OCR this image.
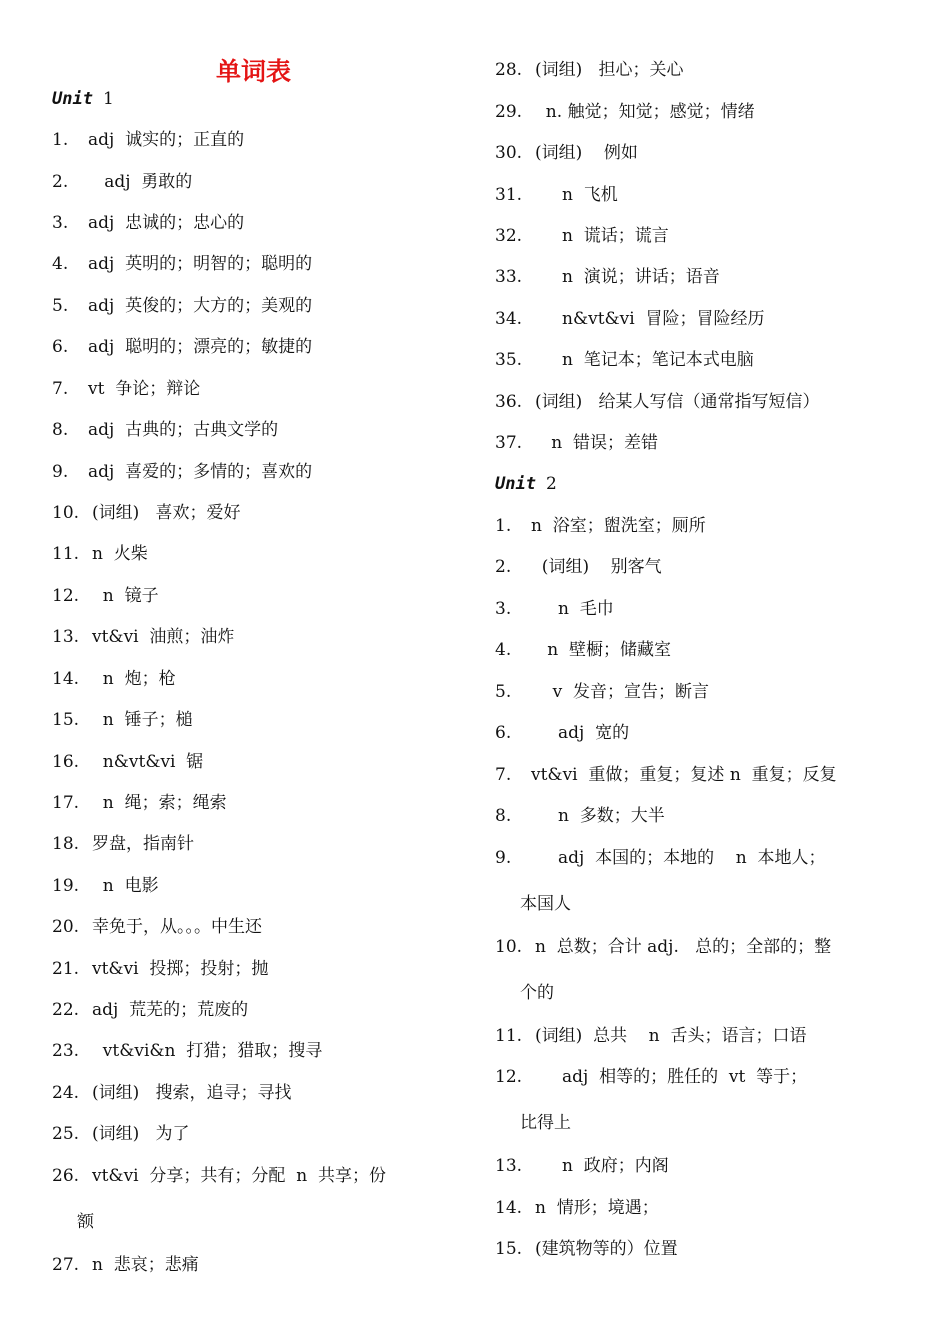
单词表
Unit 1
1. adj  诚实的；正直的
2.   adj  勇敢的
3. adj  忠诚的；忠心的
4. adj  英明的；明智的；聪明的
5. adj  英俊的；大方的；美观的
6. adj  聪明的；漂亮的；敏捷的
7. vt  争论；辩论
8. adj  古典的；古典文学的
9. adj  喜爱的；多情的；喜欢的
10. (词组)   喜欢；爱好
11. n  火柴
12.  n  镜子
13. vt&vi  油煎；油炸
14.  n  炮；枪
15.  n  锤子；槌
16.  n&vt&vi  锯
17.  n  绳；索；绳索
18. 罗盘，指南针
19.  n  电影
20. 幸免于，从。。。中生还
21. vt&vi  投掷；投射；抛
22. adj  荒芜的；荒废的
23.  vt&vi&n  打猎；猎取；搜寻
24. (词组)   搜索，追寻；寻找
25. (词组)   为了
26. vt&vi  分享；共有；分配  n  共享；份
额
27. n  悲哀；悲痛
28. (词组)   担心；关心
29.  n. 触觉；知觉；感觉；情绪
30. (词组)    例如
31.     n  飞机
32.     n  谎话；谎言
33.     n  演说；讲话；语音
34.     n&vt&vi  冒险；冒险经历
35.     n  笔记本；笔记本式电脑
36. (词组)   给某人写信（通常指写短信）
37.   n  错误；差错
Unit 2
1. n  浴室；盥洗室；厕所
2.  (词组)    别客气
3.     n  毛巾
4.   n  壁橱；储藏室
5.    v  发音；宣告；断言
6.     adj  宽的
7. vt&vi  重做；重复；复述 n  重复；反复
8.     n  多数；大半
9.     adj  本国的；本地的    n  本地人；
本国人
10. n  总数；合计 adj.   总的；全部的；整
个的
11. (词组)  总共    n  舌头；语言；口语
12.     adj  相等的；胜任的  vt  等于；
比得上
13.     n  政府；内阁
14. n  情形；境遇；
15. (建筑物等的）位置
